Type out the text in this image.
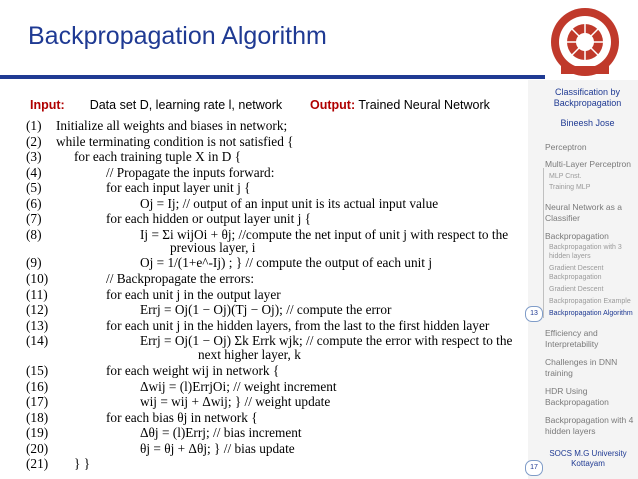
Backpropagation Algorithm
Input: Data set D, learning rate l, network Output: Trained Neural Network
(1)	Initialize all weights and biases in network;
(2)	while terminating condition is not satisfied {
(3)	for each training tuple X in D {
(4)	// Propagate the inputs forward:
(5)	for each input layer unit j {
(6)	Oj = Ij; // output of an input unit is its actual input value
(7)	for each hidden or output layer unit j {
(8)	Ij = Σi wijOi + θj; //compute the net input of unit j with respect to the
previous layer, i
(9)	Oj = 1/(1+e^-Ij) ; } // compute the output of each unit j
(10)	// Backpropagate the errors:
(11)	for each unit j in the output layer
(12)	Errj = Oj(1 − Oj)(Tj − Oj); // compute the error
(13)	for each unit j in the hidden layers, from the last to the first hidden layer
(14)	Errj = Oj(1 − Oj) Σk Errk wjk; // compute the error with respect to the
next higher layer, k
(15)	for each weight wij in network {
(16)	Δwij = (l)ErrjOi; // weight increment
(17)	wij = wij + Δwij; } // weight update
(18)	for each bias θj in network {
(19)	Δθj = (l)Errj; // bias increment
(20)	θj = θj + Δθj; } // bias update
(21)	} }
Classification by Backpropagation
Bineesh Jose
Perceptron
Multi-Layer Perceptron
MLP Cnst.
Training MLP
Neural Network as a Classifier
Backpropagation
Backpropagation with 3 hidden layers
Gradient Descent Backpropagation
Gradient Descent
Backpropagation Example
13	Backpropagation Algorithm
Efficiency and Interpretability
Challenges in DNN training
HDR Using Backpropagation
Backpropagation with 4 hidden layers
SOCS M.G University Kottayam
17
